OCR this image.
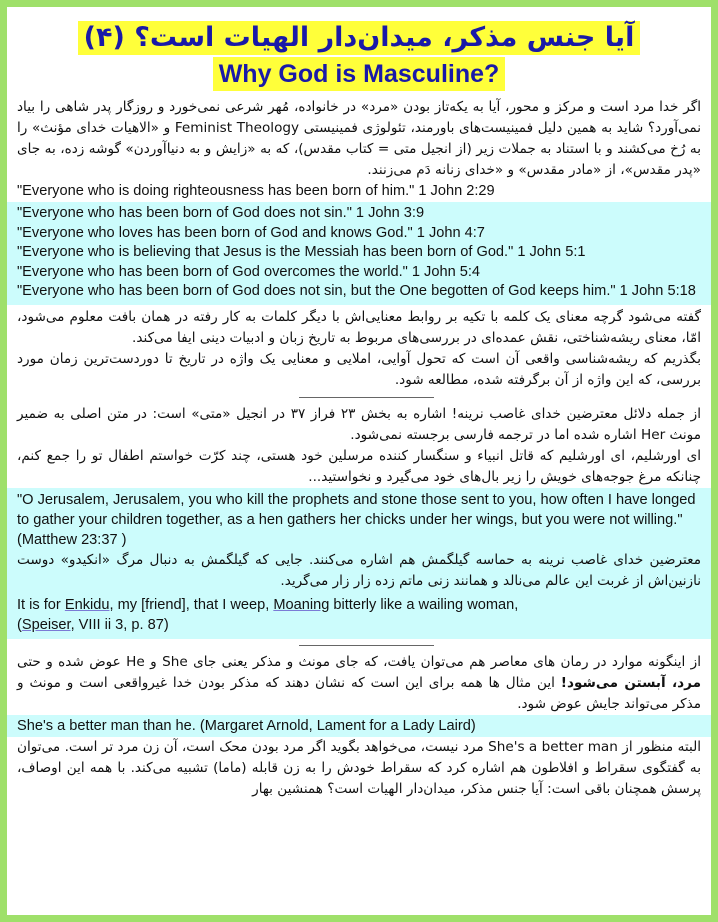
آیا جنس مذکر، میدان‌دار الهیات است؟ (۴)
Why God is Masculine?
اگر خدا مرد است و مرکز و محور، آیا به یکه‌تاز بودن «مرد» در خانواده، مُهر شرعی نمی‌خورد و روزگار پدر شاهی را بیاد نمی‌آورد؟ شاید به همین دلیل فمینیست‌های باورمند، تئولوژی فمینیستی Feminist Theology و «الاهیات خدای مؤنث» را به رُخ می‌کشند و با استناد به جملات زیر (از انجیل متی = کتاب مقدس)، که به «زایش و به دنیاآوردن» گوشه زده، به جای «پدر مقدس»، از «مادر مقدس» و «خدای زنانه دَم می‌زنند.
"Everyone who is doing righteousness has been born of him." 1 John 2:29
"Everyone who has been born of God does not sin." 1 John 3:9
"Everyone who loves has been born of God and knows God." 1 John 4:7
"Everyone who is believing that Jesus is the Messiah has been born of God." 1 John 5:1
"Everyone who has been born of God overcomes the world." 1 John 5:4
"Everyone who has been born of God does not sin, but the One begotten of God keeps him." 1 John 5:18
گفته می‌شود گرچه معنای یک کلمه با تکیه بر روابط معنایی‌اش با دیگر کلمات به کار رفته در همان بافت معلوم می‌شود، امّا، معنای ریشه‌شناختی، نقش عمده‌ای در بررسی‌های مربوط به تاریخ زبان و ادبیات دینی ایفا می‌کند.
بگذریم که ریشه‌شناسی واقعی آن است که تحول آوایی، املایی و معنایی یک واژه در تاریخ تا دوردست‌ترین زمان مورد بررسی، که این واژه از آن برگرفته شده، مطالعه شود.
از جمله دلائل معترضین خدای غاصب نرینه! اشاره به بخش ۲۳ فراز ۳۷ در انجیل «متی» است: در متن اصلی به ضمیر مونث Her اشاره شده اما در ترجمه فارسی برجسته نمی‌شود.
ای اورشلیم، ای اورشلیم که قاتل انبیاء و سنگسار کننده مرسلین خود هستی، چند کرّت خواستم اطفال تو را جمع کنم، چنانکه مرغ جوجه‌های خویش را زیر بال‌های خود می‌گیرد و نخواستید...
"O Jerusalem, Jerusalem, you who kill the prophets and stone those sent to you, how often I have longed to gather your children together, as a hen gathers her chicks under her wings, but you were not willing." (Matthew 23:37 )
معترضین خدای غاصب نرینه به حماسه گیلگمش هم اشاره می‌کنند. جایی که گیلگمش به دنبال مرگ «انکیدو» دوست نازنین‌اش از غربت این عالم می‌نالد و همانند زنی ماتم زده زار زار می‌گرید.
It is for Enkidu, my [friend], that I weep, Moaning bitterly like a wailing woman,
(Speiser, VIII ii 3, p. 87)
از اینگونه موارد در رمان های معاصر هم می‌توان یافت، که جای مونث و مذکر یعنی جای She و He عوض شده و حتی مرد، آبستن می‌شود! این مثال ها همه برای این است که نشان دهند که مذکر بودن خدا غیرواقعی است و مونث و مذکر می‌تواند جایش عوض شود.
She's a better man than he. (Margaret Arnold, Lament for a Lady Laird)
البته منظور از She's a better man مرد نیست، می‌خواهد بگوید اگر مرد بودن محک است، آن زن مرد تر است. می‌توان به گفتگوی سقراط و افلاطون هم اشاره کرد که سقراط خودش را به زن قابله (ماما) تشبیه می‌کند. با همه این اوصاف، پرسش همچنان باقی است: آیا جنس مذکر، میدان‌دار الهیات است؟ همنشین بهار
